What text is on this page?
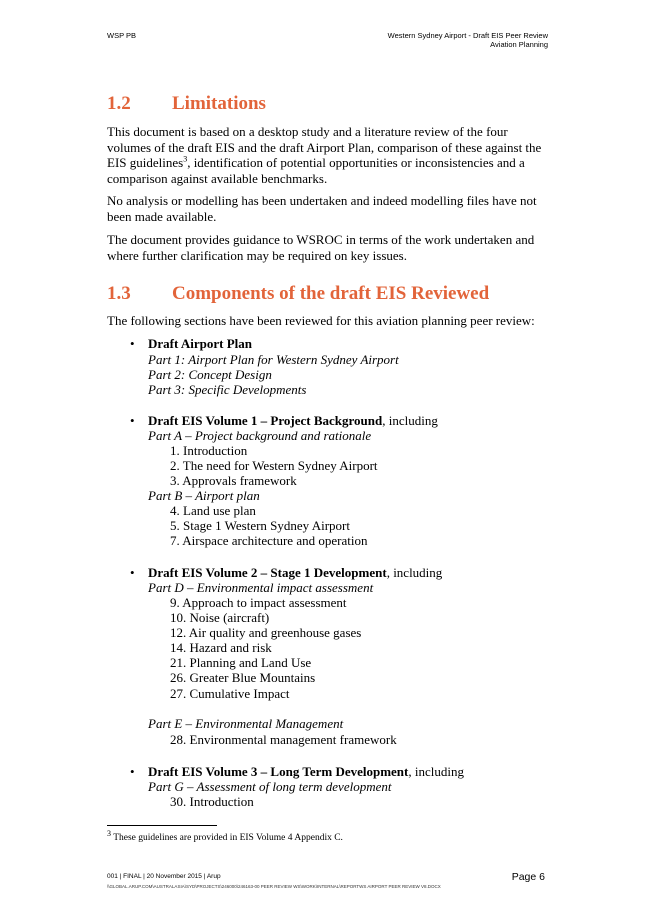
WSP PB	Western Sydney Airport - Draft EIS Peer Review
Aviation Planning
1.2 Limitations
This document is based on a desktop study and a literature review of the four volumes of the draft EIS and the draft Airport Plan, comparison of these against the EIS guidelines$^3$, identification of potential opportunities or inconsistencies and a comparison against available benchmarks.
No analysis or modelling has been undertaken and indeed modelling files have not been made available.
The document provides guidance to WSROC in terms of the work undertaken and where further clarification may be required on key issues.
1.3 Components of the draft EIS Reviewed
The following sections have been reviewed for this aviation planning peer review:
• Draft Airport Plan
Part 1: Airport Plan for Western Sydney Airport
Part 2: Concept Design
Part 3: Specific Developments
• Draft EIS Volume 1 – Project Background, including
Part A – Project background and rationale
1. Introduction
2. The need for Western Sydney Airport
3. Approvals framework
Part B – Airport plan
4. Land use plan
5. Stage 1 Western Sydney Airport
7. Airspace architecture and operation
• Draft EIS Volume 2 – Stage 1 Development, including
Part D – Environmental impact assessment
9. Approach to impact assessment
10. Noise (aircraft)
12. Air quality and greenhouse gases
14. Hazard and risk
21. Planning and Land Use
26. Greater Blue Mountains
27. Cumulative Impact
Part E – Environmental Management
28. Environmental management framework
• Draft EIS Volume 3 – Long Term Development, including
Part G – Assessment of long term development
30. Introduction
$^3$ These guidelines are provided in EIS Volume 4 Appendix C.
001 | FINAL | 20 November 2015 | Arup	Page 6
\\GLOBAL.ARUP.COM\AUSTRALASIA\SYD\PROJECTS\246000\246163-00 PEER REVIEW WS\WORK\INTERNAL\REPORTWS AIRPORT PEER REVIEW V8.DOCX
